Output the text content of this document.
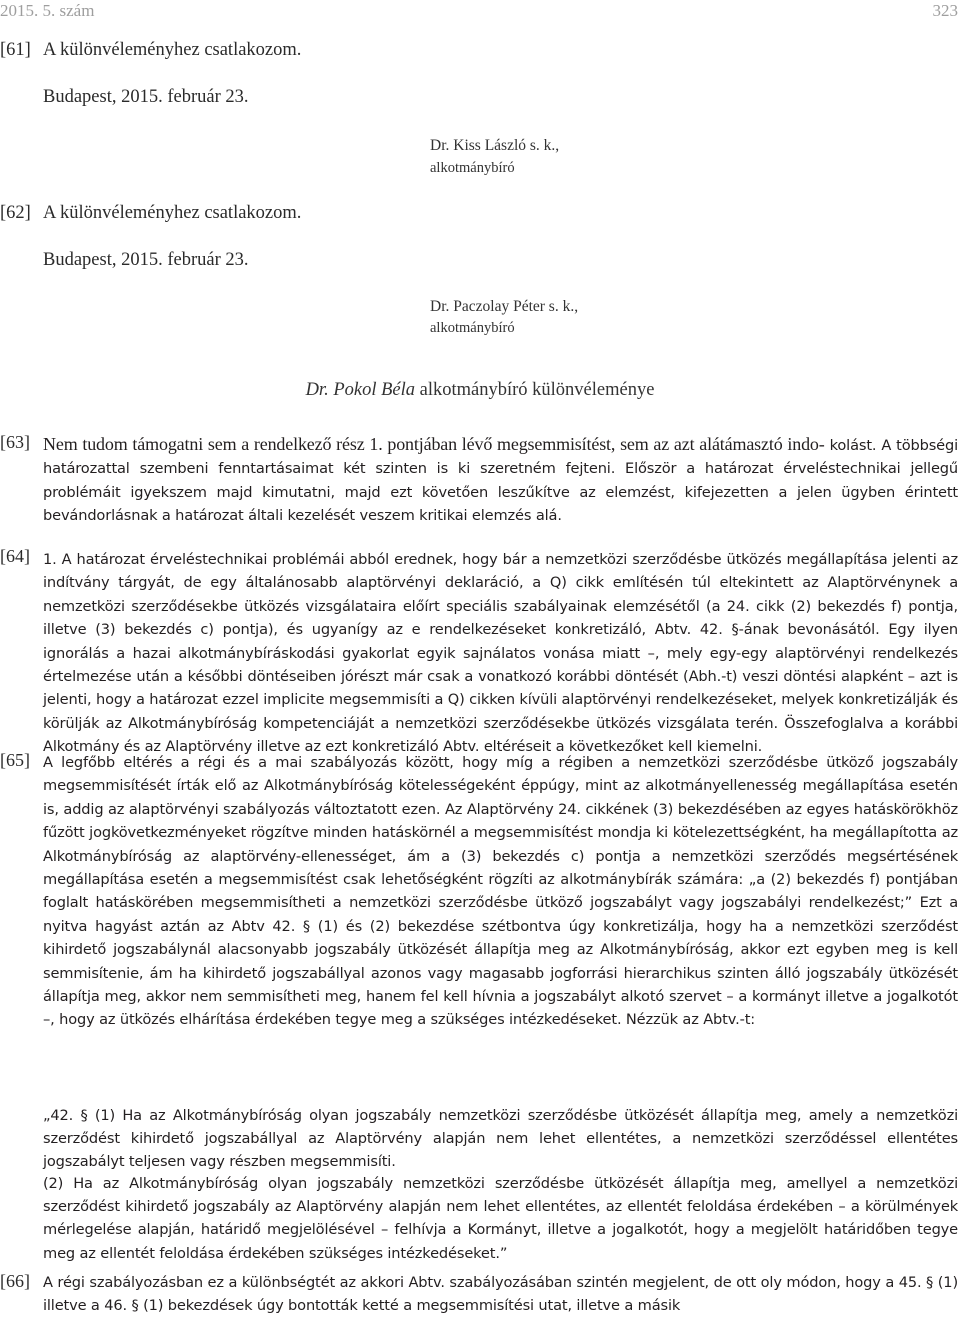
2015. 5. szám	323
[61] A különvéleményhez csatlakozom.
Budapest, 2015. február 23.
Dr. Kiss László s. k.,
alkotmánybíró
[62] A különvéleményhez csatlakozom.
Budapest, 2015. február 23.
Dr. Paczolay Péter s. k.,
alkotmánybíró
Dr. Pokol Béla alkotmánybíró különvéleménye
[63] Nem tudom támogatni sem a rendelkező rész 1. pontjában lévő megsemmisítést, sem az azt alátámasztó indo- kolást. A többségi határozattal szembeni fenntartásaimat két szinten is ki szeretném fejteni. Először a határozat érveléstechnikai jellegű problémáit igyekszem majd kimutatni, majd ezt követően leszűkítve az elemzést, kifejezetten a jelen ügyben érintett bevándorlásnak a határozat általi kezelését veszem kritikai elemzés alá.
[64] 1. A határozat érveléstechnikai problémái abból erednek, hogy bár a nemzetközi szerződésbe ütközés megállapítása jelenti az indítvány tárgyát, de egy általánosabb alaptörvényi deklaráció, a Q) cikk említésén túl eltekintett az Alaptörvénynek a nemzetközi szerződésekbe ütközés vizsgálataira előírt speciális szabályainak elemzésétől (a 24. cikk (2) bekezdés f) pontja, illetve (3) bekezdés c) pontja), és ugyanígy az e rendelkezéseket konkretizáló, Abtv. 42. §-ának bevonásától. Egy ilyen ignorálás a hazai alkotmánybíráskodási gyakorlat egyik sajnálatos vonása miatt –, mely egy-egy alaptörvényi rendelkezés értelmezése után a későbbi döntéseiben jórészt már csak a vonatkozó korábbi döntését (Abh.-t) veszi döntési alapként – azt is jelenti, hogy a határozat ezzel implicite megsemmisíti a Q) cikken kívüli alaptörvényi rendelkezéseket, melyek konkretizálják és körülják az Alkotmánybíróság kompetenciáját a nemzetközi szerződésekbe ütközés vizsgálata terén. Összefoglalva a korábbi Alkotmány és az Alaptörvény illetve az ezt konkretizáló Abtv. eltéréseit a következőket kell kiemelni.
[65] A legfőbb eltérés a régi és a mai szabályozás között, hogy míg a régiben a nemzetközi szerződésbe ütköző jogszabály megsemmisítését írták elő az Alkotmánybíróság kötelességeként éppúgy, mint az alkotmányellenesség megállapítása esetén is, addig az alaptörvényi szabályozás változtatott ezen. Az Alaptörvény 24. cikkének (3) bekezdésében az egyes hatáskörökhöz fűzött jogkövetkezményeket rögzítve minden hatáskörnél a megsemmisítést mondja ki kötelezettségként, ha megállapította az Alkotmánybíróság az alaptörvény-ellenességet, ám a (3) bekezdés c) pontja a nemzetközi szerződés megsértésének megállapítása esetén a megsemmisítést csak lehetőségként rögzíti az alkotmánybírák számára: „a (2) bekezdés f) pontjában foglalt hatáskörében megsemmisítheti a nemzetközi szerződésbe ütköző jogszabályt vagy jogszabályi rendelkezést;” Ezt a nyitva hagyást aztán az Abtv 42. § (1) és (2) bekezdése szétbontva úgy konkretizálja, hogy ha a nemzetközi szerződést kihirdető jogszabálynál alacsonyabb jogszabály ütközését állapítja meg az Alkotmánybíróság, akkor ezt egyben meg is kell semmisítenie, ám ha kihirdető jogszabállyal azonos vagy magasabb jogforrási hierarchikus szinten álló jogszabály ütközését állapítja meg, akkor nem semmisítheti meg, hanem fel kell hívnia a jogszabályt alkotó szervet – a kormányt illetve a jogalkotót –, hogy az ütközés elhárítása érdekében tegye meg a szükséges intézkedéseket. Nézzük az Abtv.-t:
„42. § (1) Ha az Alkotmánybíróság olyan jogszabály nemzetközi szerződésbe ütközését állapítja meg, amely a nemzetközi szerződést kihirdető jogszabállyal az Alaptörvény alapján nem lehet ellentétes, a nemzetközi szerződéssel ellentétes jogszabályt teljesen vagy részben megsemmisíti.
(2) Ha az Alkotmánybíróság olyan jogszabály nemzetközi szerződésbe ütközését állapítja meg, amellyel a nemzetközi szerződést kihirdető jogszabály az Alaptörvény alapján nem lehet ellentétes, az ellentét feloldása érdekében – a körülmények mérlegelése alapján, határidő megjelölésével – felhívja a Kormányt, illetve a jogalkotót, hogy a megjelölt határidőben tegye meg az ellentét feloldása érdekében szükséges intézkedéseket.”
[66] A régi szabályozásban ez a különbségtét az akkori Abtv. szabályozásában szintén megjelent, de ott oly módon, hogy a 45. § (1) illetve a 46. § (1) bekezdések úgy bontották ketté a megsemmisítési utat, illetve a másik
